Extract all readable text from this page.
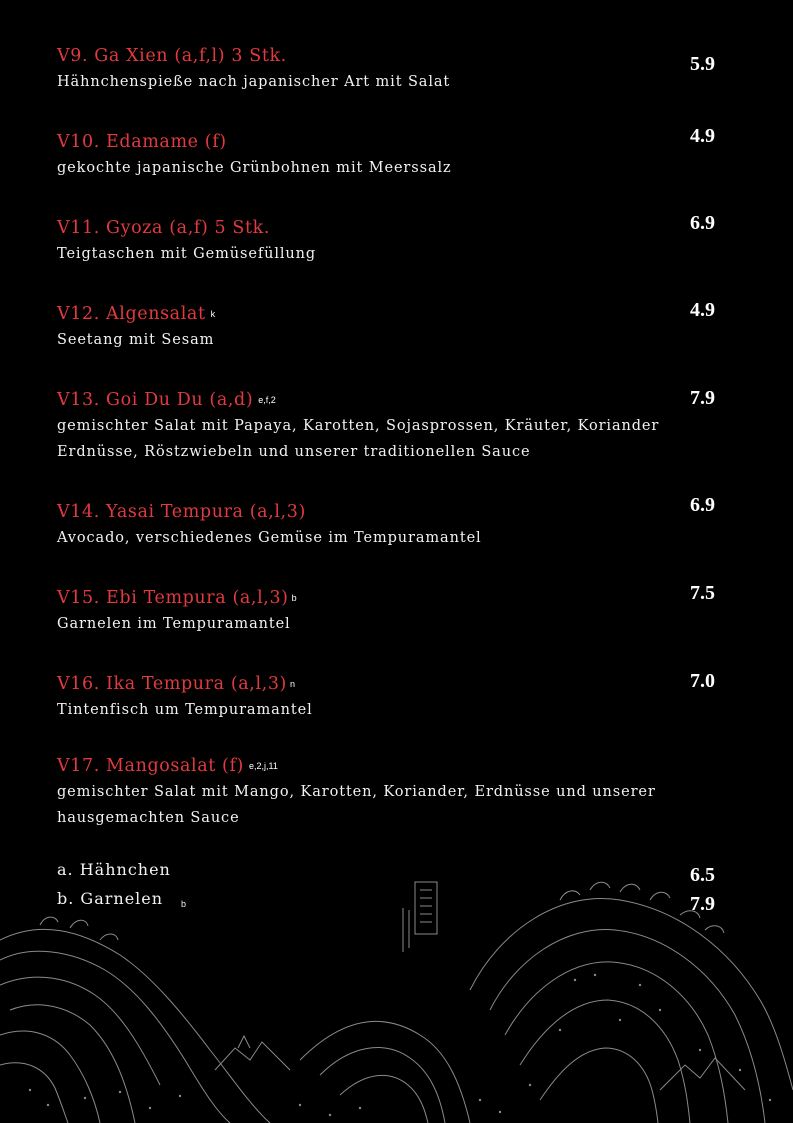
V9. Ga Xien (a,f,l) 3 Stk.
Hähnchenspieße nach japanischer Art mit Salat
5.9
V10. Edamame (f)
gekochte japanische Grünbohnen mit Meerssalz
4.9
V11. Gyoza (a,f) 5 Stk.
Teigtaschen mit Gemüsefüllung
6.9
V12. Algensalat k
Seetang mit Sesam
4.9
V13. Goi Du Du (a,d) e,f,2
gemischter Salat mit Papaya, Karotten, Sojasprossen, Kräuter, Koriander
Erdnüsse, Röstzwiebeln und unserer traditionellen Sauce
7.9
V14. Yasai Tempura (a,l,3)
Avocado, verschiedenes Gemüse im Tempuramantel
6.9
V15. Ebi Tempura (a,l,3) b
Garnelen im Tempuramantel
7.5
V16. Ika Tempura (a,l,3) n
Tintenfisch um Tempuramantel
7.0
V17. Mangosalat (f) e,2,j,11
gemischter Salat mit Mango, Karotten, Koriander, Erdnüsse und unserer
hausgemachten Sauce
a. Hähnchen	6.5
b. Garnelen b	7.9
